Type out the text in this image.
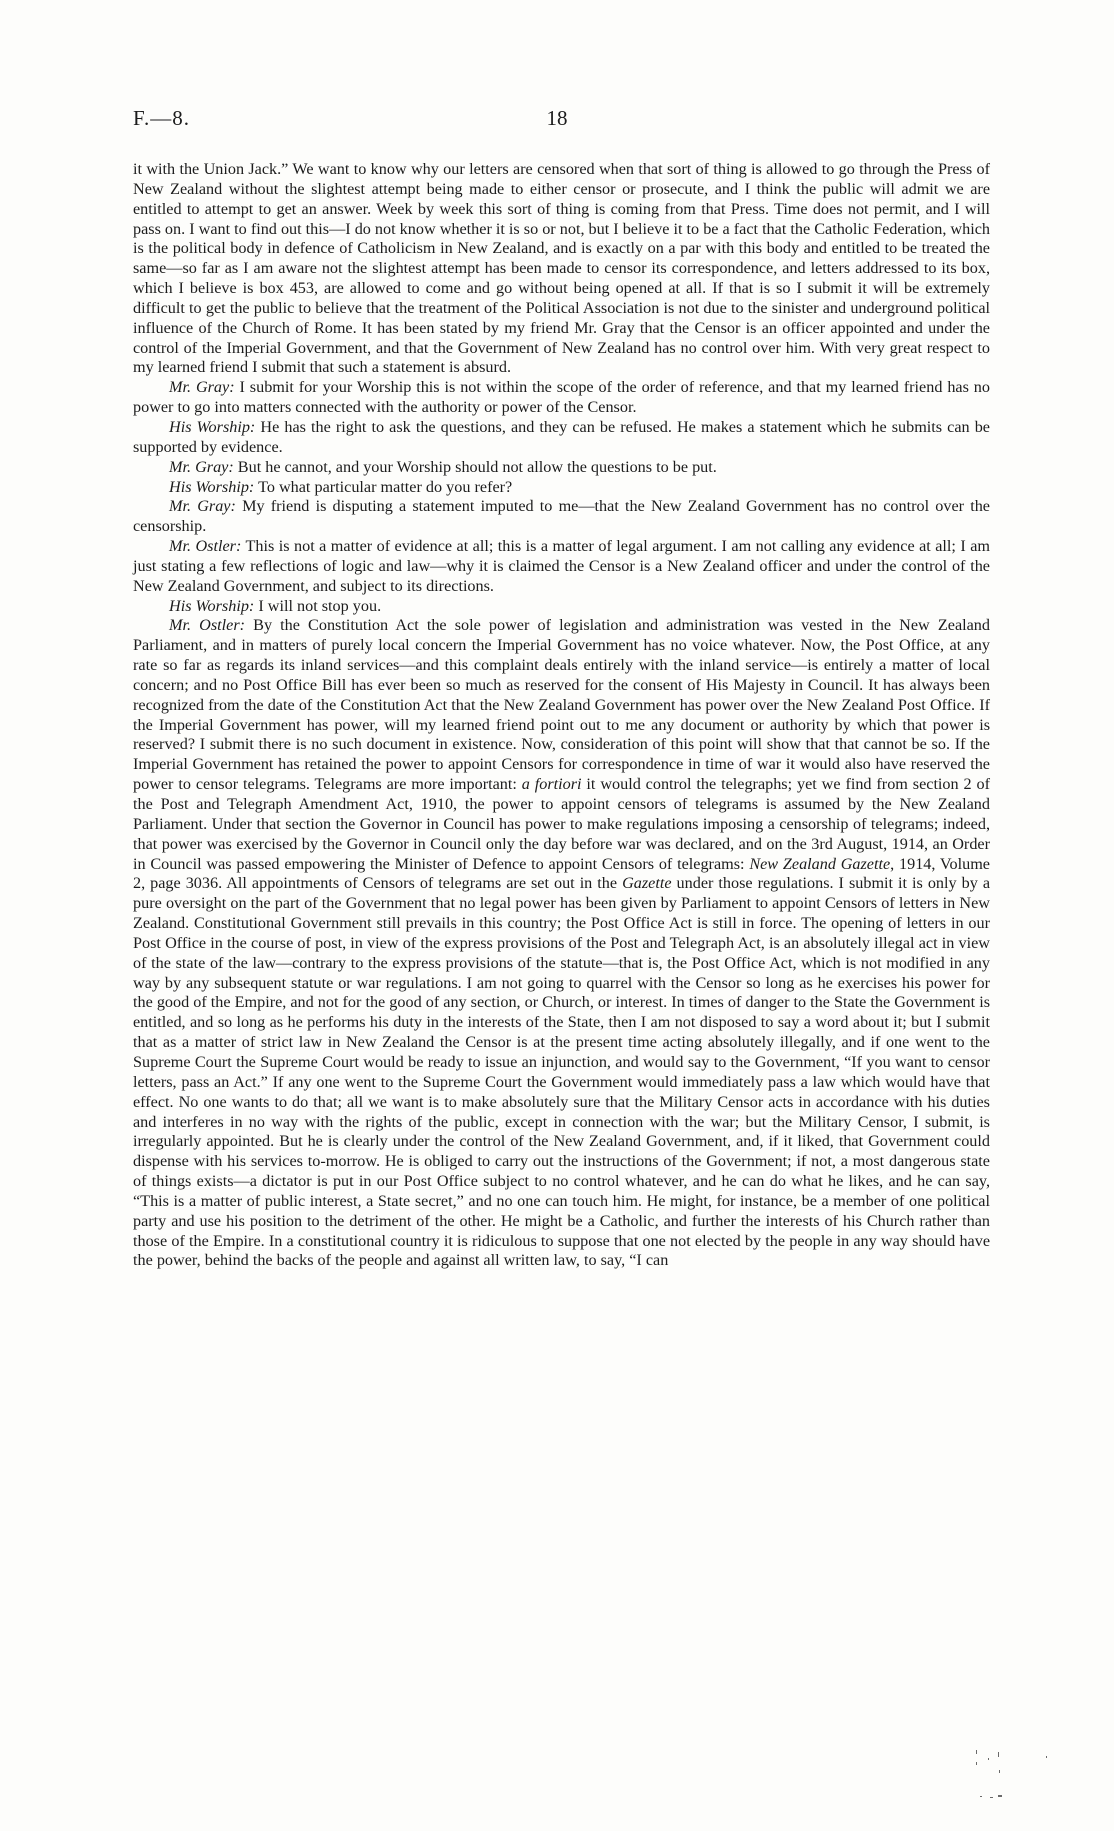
F.—8.	18

it with the Union Jack.” We want to know why our letters are censored when that sort of thing is allowed to go through the Press of New Zealand without the slightest attempt being made to either censor or prosecute, and I think the public will admit we are entitled to attempt to get an answer. Week by week this sort of thing is coming from that Press. Time does not permit, and I will pass on. I want to find out this—I do not know whether it is so or not, but I believe it to be a fact that the Catholic Federation, which is the political body in defence of Catholicism in New Zealand, and is exactly on a par with this body and entitled to be treated the same—so far as I am aware not the slightest attempt has been made to censor its correspondence, and letters addressed to its box, which I believe is box 453, are allowed to come and go without being opened at all. If that is so I submit it will be extremely difficult to get the public to believe that the treatment of the Political Association is not due to the sinister and underground political influence of the Church of Rome. It has been stated by my friend Mr. Gray that the Censor is an officer appointed and under the control of the Imperial Government, and that the Government of New Zealand has no control over him. With very great respect to my learned friend I submit that such a statement is absurd.

Mr. Gray: I submit for your Worship this is not within the scope of the order of reference, and that my learned friend has no power to go into matters connected with the authority or power of the Censor.

His Worship: He has the right to ask the questions, and they can be refused. He makes a statement which he submits can be supported by evidence.

Mr. Gray: But he cannot, and your Worship should not allow the questions to be put.

His Worship: To what particular matter do you refer?

Mr. Gray: My friend is disputing a statement imputed to me—that the New Zealand Government has no control over the censorship.

Mr. Ostler: This is not a matter of evidence at all; this is a matter of legal argument. I am not calling any evidence at all; I am just stating a few reflections of logic and law—why it is claimed the Censor is a New Zealand officer and under the control of the New Zealand Government, and subject to its directions.

His Worship: I will not stop you.

Mr. Ostler: By the Constitution Act the sole power of legislation and administration was vested in the New Zealand Parliament, and in matters of purely local concern the Imperial Government has no voice whatever. Now, the Post Office, at any rate so far as regards its inland services—and this complaint deals entirely with the inland service—is entirely a matter of local concern; and no Post Office Bill has ever been so much as reserved for the consent of His Majesty in Council. It has always been recognized from the date of the Constitution Act that the New Zealand Government has power over the New Zealand Post Office. If the Imperial Government has power, will my learned friend point out to me any document or authority by which that power is reserved? I submit there is no such document in existence. Now, consideration of this point will show that that cannot be so. If the Imperial Government has retained the power to appoint Censors for correspondence in time of war it would also have reserved the power to censor telegrams. Telegrams are more important: a fortiori it would control the telegraphs; yet we find from section 2 of the Post and Telegraph Amendment Act, 1910, the power to appoint censors of telegrams is assumed by the New Zealand Parliament. Under that section the Governor in Council has power to make regulations imposing a censorship of telegrams; indeed, that power was exercised by the Governor in Council only the day before war was declared, and on the 3rd August, 1914, an Order in Council was passed empowering the Minister of Defence to appoint Censors of telegrams: New Zealand Gazette, 1914, Volume 2, page 3036. All appointments of Censors of telegrams are set out in the Gazette under those regulations. I submit it is only by a pure oversight on the part of the Government that no legal power has been given by Parliament to appoint Censors of letters in New Zealand. Constitutional Government still prevails in this country; the Post Office Act is still in force. The opening of letters in our Post Office in the course of post, in view of the express provisions of the Post and Telegraph Act, is an absolutely illegal act in view of the state of the law—contrary to the express provisions of the statute—that is, the Post Office Act, which is not modified in any way by any subsequent statute or war regulations. I am not going to quarrel with the Censor so long as he exercises his power for the good of the Empire, and not for the good of any section, or Church, or interest. In times of danger to the State the Government is entitled, and so long as he performs his duty in the interests of the State, then I am not disposed to say a word about it; but I submit that as a matter of strict law in New Zealand the Censor is at the present time acting absolutely illegally, and if one went to the Supreme Court the Supreme Court would be ready to issue an injunction, and would say to the Government, “If you want to censor letters, pass an Act.” If any one went to the Supreme Court the Government would immediately pass a law which would have that effect. No one wants to do that; all we want is to make absolutely sure that the Military Censor acts in accordance with his duties and interferes in no way with the rights of the public, except in connection with the war; but the Military Censor, I submit, is irregularly appointed. But he is clearly under the control of the New Zealand Government, and, if it liked, that Government could dispense with his services to-morrow. He is obliged to carry out the instructions of the Government; if not, a most dangerous state of things exists—a dictator is put in our Post Office subject to no control whatever, and he can do what he likes, and he can say, “This is a matter of public interest, a State secret,” and no one can touch him. He might, for instance, be a member of one political party and use his position to the detriment of the other. He might be a Catholic, and further the interests of his Church rather than those of the Empire. In a constitutional country it is ridiculous to suppose that one not elected by the people in any way should have the power, behind the backs of the people and against all written law, to say, “I can
